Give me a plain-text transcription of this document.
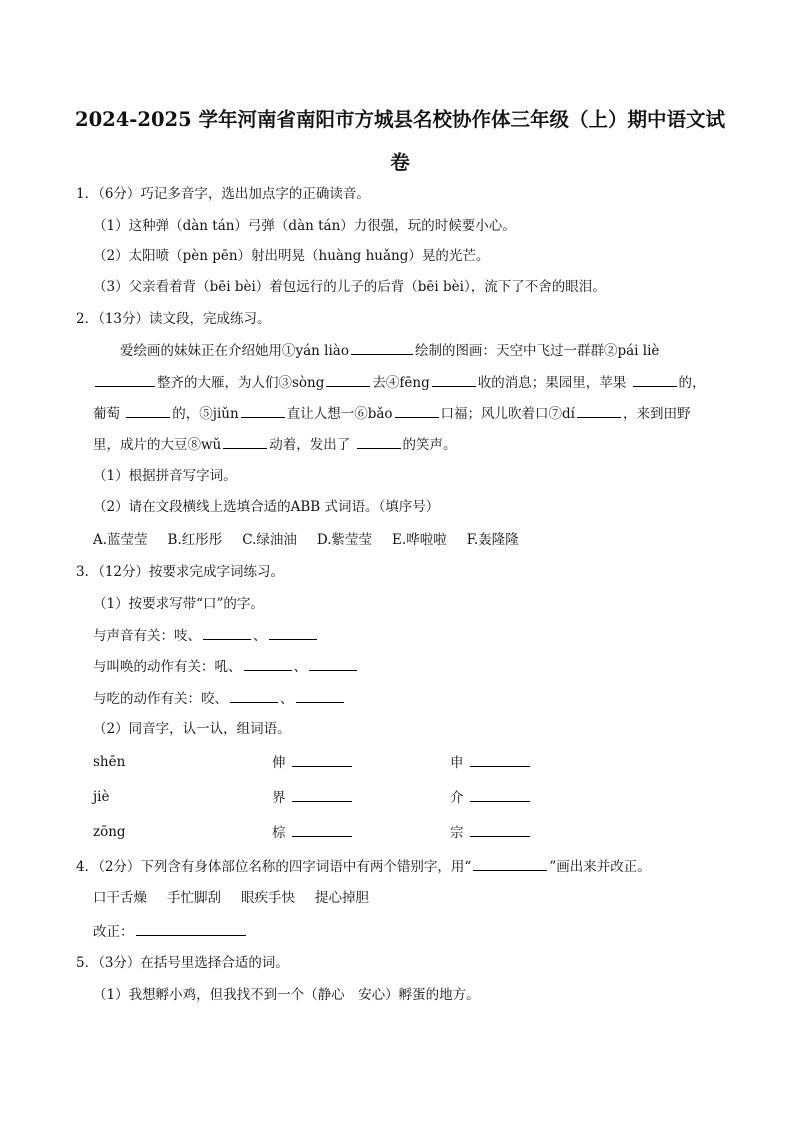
2024-2025 学年河南省南阳市方城县名校协作体三年级（上）期中语文试
卷
1．（6分）巧记多音字，选出加点字的正确读音。
（1）这种弹（dàn tán）弓弹（dàn tán）力很强，玩的时候要小心。
（2）太阳喷（pèn pēn）射出明晃（huàng huǎng）晃的光芒。
（3）父亲看着背（bēi bèi）着包远行的儿子的后背（bēi bèi），流下了不舍的眼泪。
2．（13分）读文段，完成练习。
爱绘画的妹妹正在介绍她用①yán liào	绘制的图画：天空中飞过一群群②pái liè
整齐的大雁，为人们③sòng	去④fēng	收的消息；果园里，苹果	的，
葡萄	的，⑤jiǔn	直让人想一⑥bǎo	口福；风儿吹着口⑦dí	，来到田野
里，成片的大豆⑧wǔ	动着，发出了	的笑声。
（1）根据拼音写字词。
（2）请在文段横线上选填合适的ABB 式词语。（填序号）
A.蓝莹莹 B.红彤彤 C.绿油油 D.紫莹莹 E.哗啦啦 F.轰隆隆
3．（12分）按要求完成字词练习。
（1）按要求写带“口”的字。
与声音有关：吱、	、
与叫唤的动作有关：吼、	、
与吃的动作有关：咬、	、
（2）同音字，认一认，组词语。
shēn	伸	申
jiè	界	介
zōng	棕	宗
4．（2分）下列含有身体部位名称的四字词语中有两个错别字，用“	”画出来并改正。
口干舌燥 手忙脚刮 眼疾手快 提心掉胆
改正：
5．（3分）在括号里选择合适的词。
（1）我想孵小鸡，但我找不到一个（静心　安心）孵蛋的地方。
